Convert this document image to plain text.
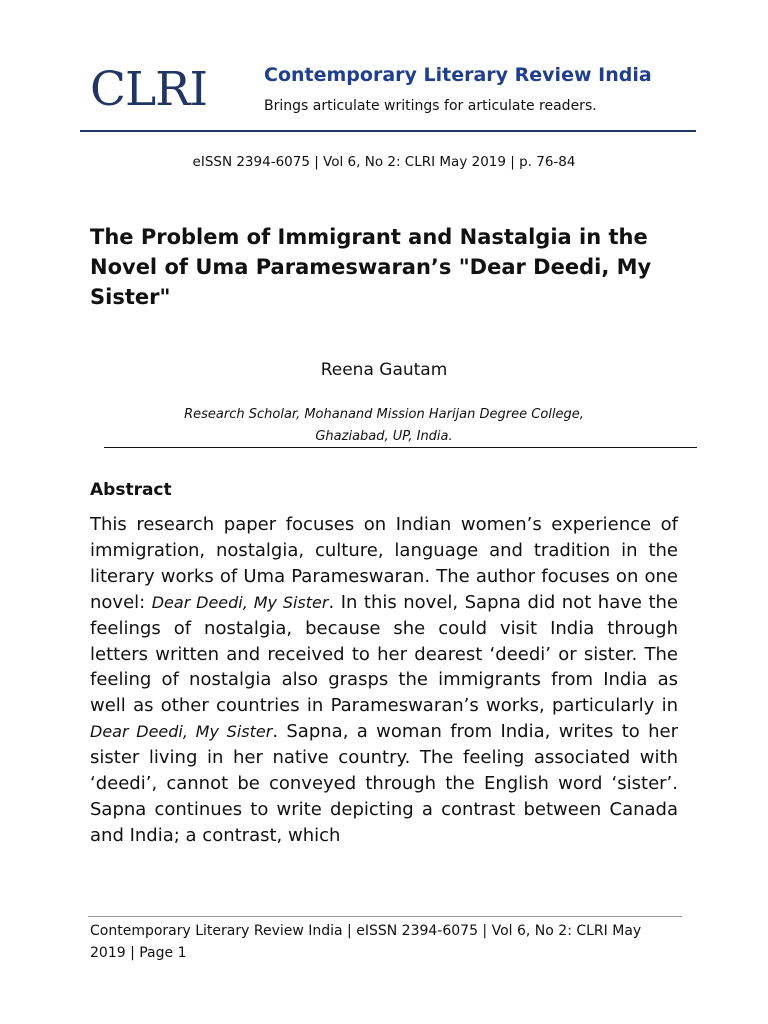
CLRI	Contemporary Literary Review India
Brings articulate writings for articulate readers.
eISSN 2394-6075 | Vol 6, No 2: CLRI May 2019 | p. 76-84
The Problem of Immigrant and Nastalgia in the Novel of Uma Parameswaran’s "Dear Deedi, My Sister"
Reena Gautam
Research Scholar, Mohanand Mission Harijan Degree College,
Ghaziabad, UP, India.
Abstract
This research paper focuses on Indian women’s experience of immigration, nostalgia, culture, language and tradition in the literary works of Uma Parameswaran. The author focuses on one novel: Dear Deedi, My Sister. In this novel, Sapna did not have the feelings of nostalgia, because she could visit India through letters written and received to her dearest ‘deedi’ or sister. The feeling of nostalgia also grasps the immigrants from India as well as other countries in Parameswaran’s works, particularly in Dear Deedi, My Sister. Sapna, a woman from India, writes to her sister living in her native country. The feeling associated with ‘deedi’, cannot be conveyed through the English word ‘sister’. Sapna continues to write depicting a contrast between Canada and India; a contrast, which
Contemporary Literary Review India | eISSN 2394-6075 | Vol 6, No 2: CLRI May 2019 | Page 1
